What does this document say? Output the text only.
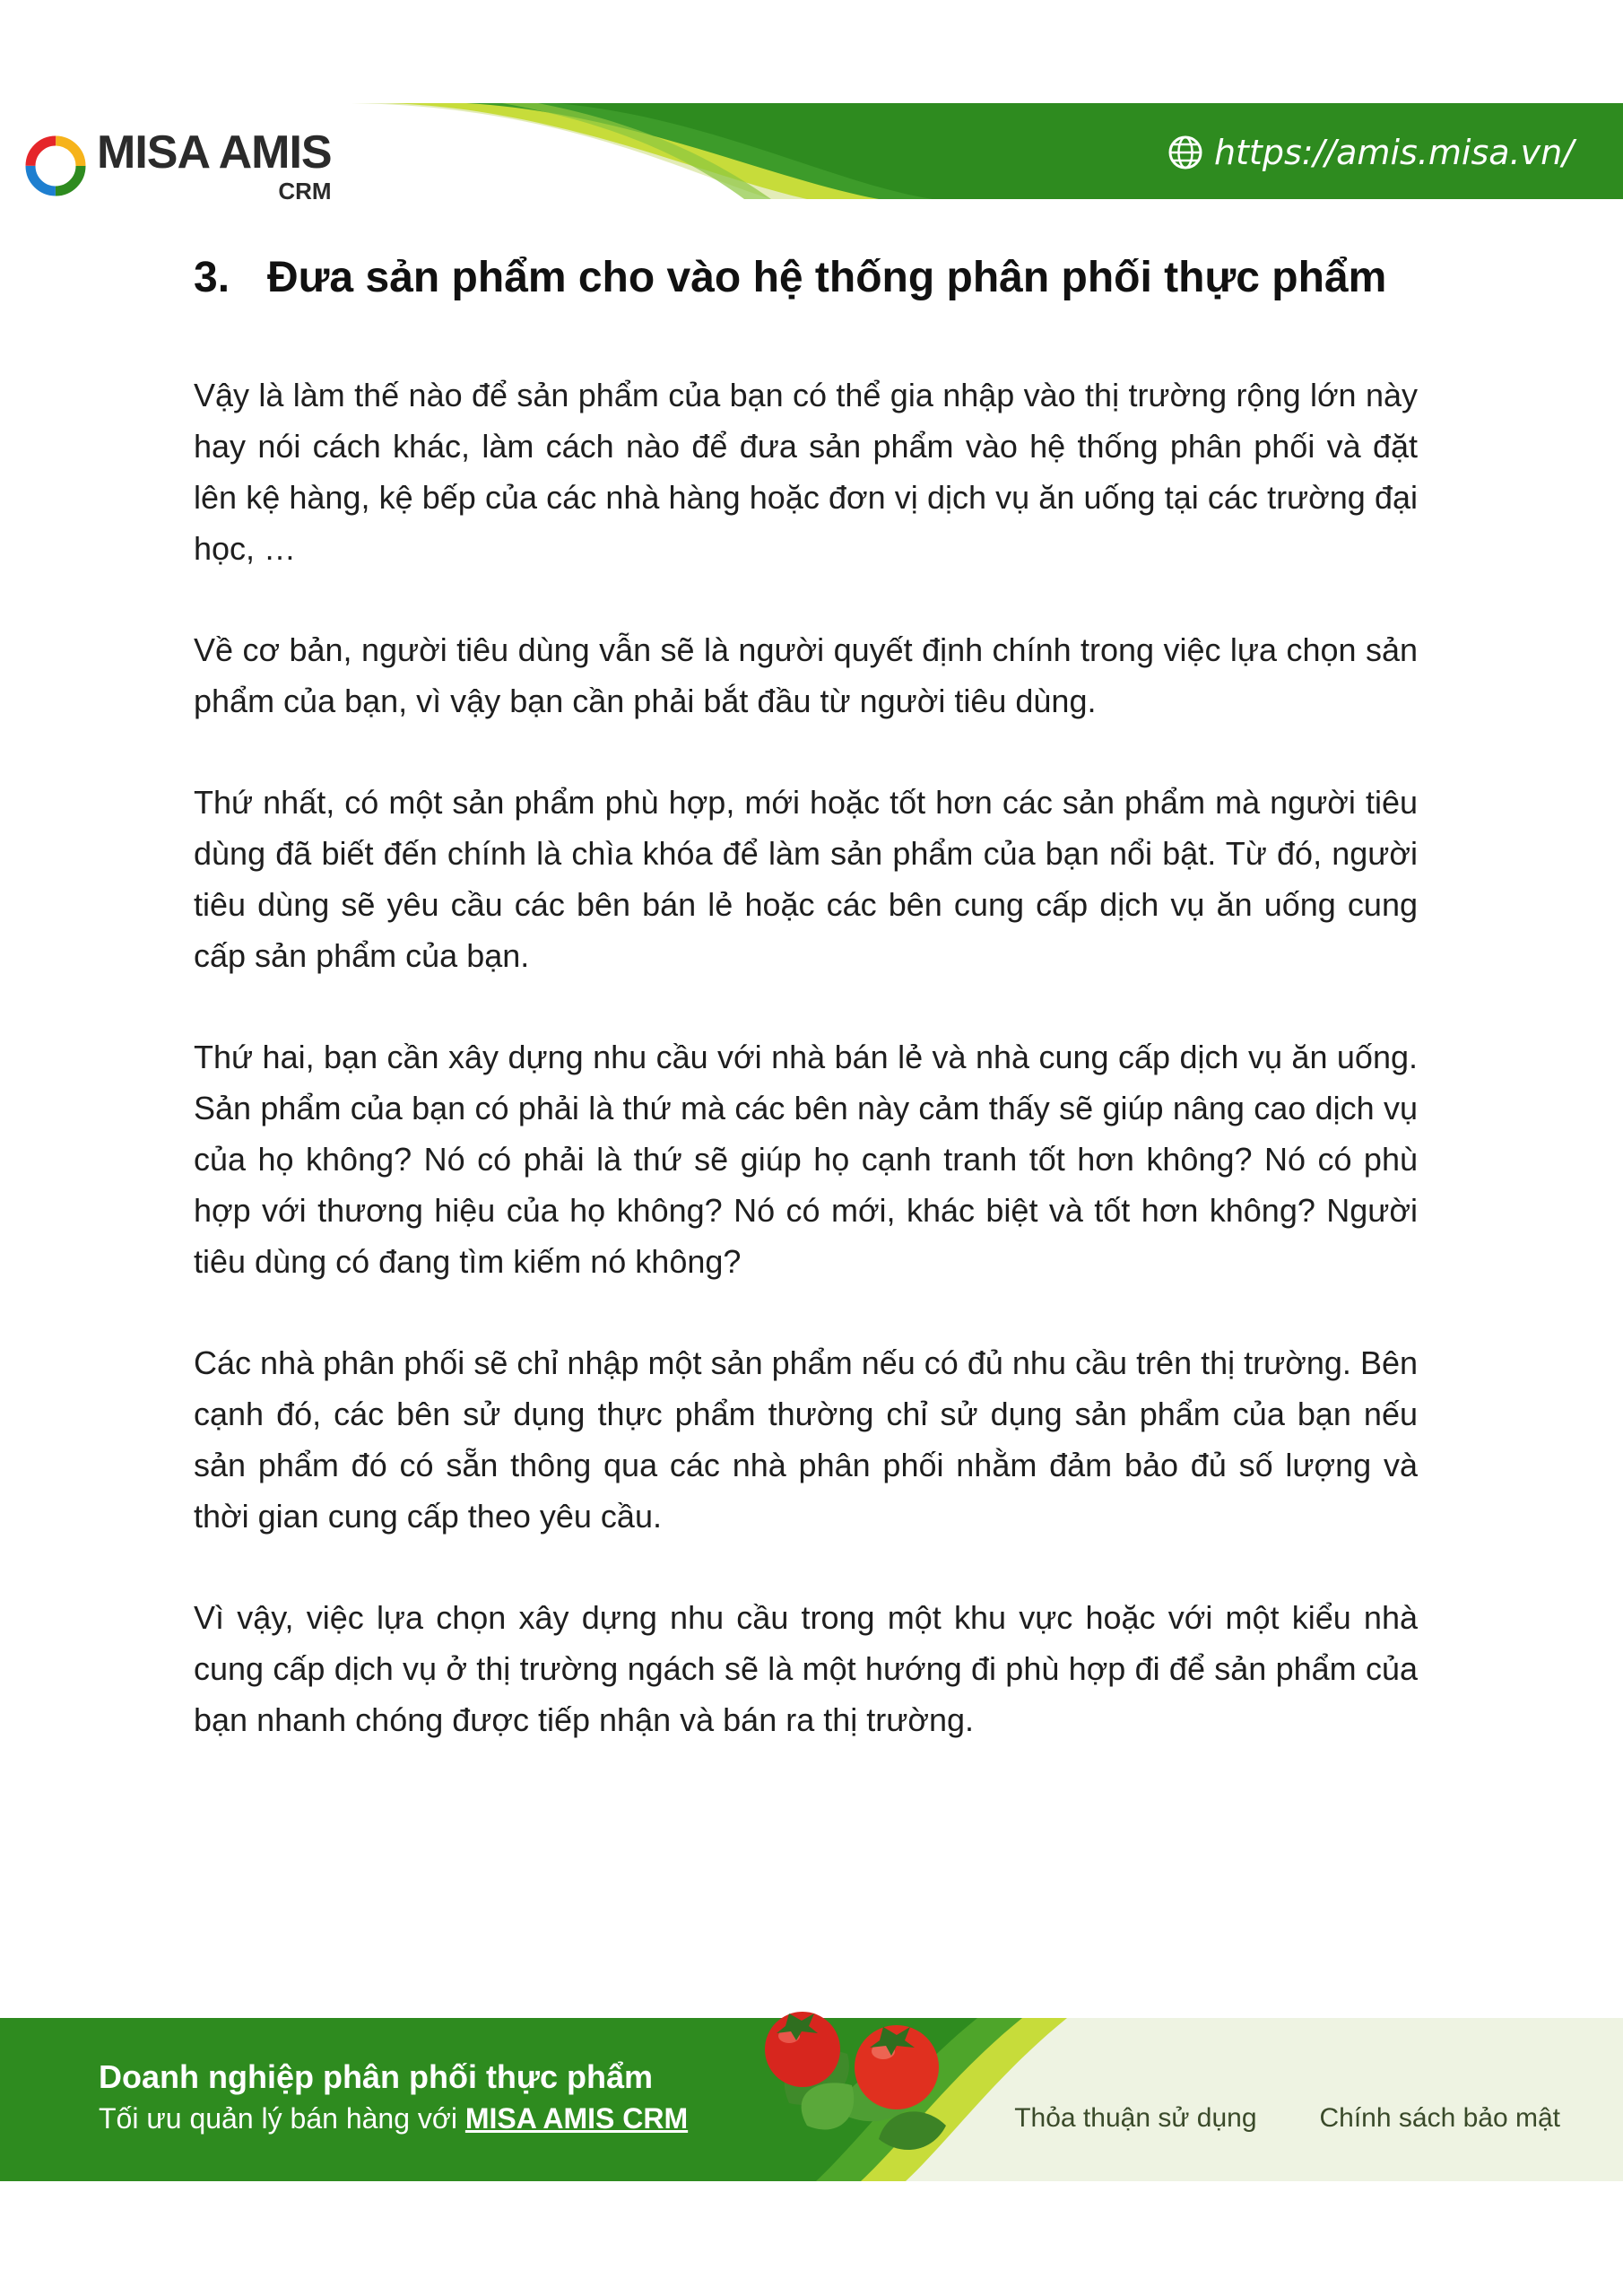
MISA AMIS
CRM
https://amis.misa.vn/
3. Đưa sản phẩm cho vào hệ thống phân phối thực phẩm

Vậy là làm thế nào để sản phẩm của bạn có thể gia nhập vào thị trường rộng lớn này hay nói cách khác, làm cách nào để đưa sản phẩm vào hệ thống phân phối và đặt lên kệ hàng, kệ bếp của các nhà hàng hoặc đơn vị dịch vụ ăn uống tại các trường đại học, …

Về cơ bản, người tiêu dùng vẫn sẽ là người quyết định chính trong việc lựa chọn sản phẩm của bạn, vì vậy bạn cần phải bắt đầu từ người tiêu dùng.

Thứ nhất, có một sản phẩm phù hợp, mới hoặc tốt hơn các sản phẩm mà người tiêu dùng đã biết đến chính là chìa khóa để làm sản phẩm của bạn nổi bật. Từ đó, người tiêu dùng sẽ yêu cầu các bên bán lẻ hoặc các bên cung cấp dịch vụ ăn uống cung cấp sản phẩm của bạn.

Thứ hai, bạn cần xây dựng nhu cầu với nhà bán lẻ và nhà cung cấp dịch vụ ăn uống. Sản phẩm của bạn có phải là thứ mà các bên này cảm thấy sẽ giúp nâng cao dịch vụ của họ không? Nó có phải là thứ sẽ giúp họ cạnh tranh tốt hơn không? Nó có phù hợp với thương hiệu của họ không? Nó có mới, khác biệt và tốt hơn không? Người tiêu dùng có đang tìm kiếm nó không?

Các nhà phân phối sẽ chỉ nhập một sản phẩm nếu có đủ nhu cầu trên thị trường. Bên cạnh đó, các bên sử dụng thực phẩm thường chỉ sử dụng sản phẩm của bạn nếu sản phẩm đó có sẵn thông qua các nhà phân phối nhằm đảm bảo đủ số lượng và thời gian cung cấp theo yêu cầu.

Vì vậy, việc lựa chọn xây dựng nhu cầu trong một khu vực hoặc với một kiểu nhà cung cấp dịch vụ ở thị trường ngách sẽ là một hướng đi phù hợp đi để sản phẩm của bạn nhanh chóng được tiếp nhận và bán ra thị trường.

Doanh nghiệp phân phối thực phẩm
Tối ưu quản lý bán hàng với MISA AMIS CRM	Thỏa thuận sử dụng Chính sách bảo mật
